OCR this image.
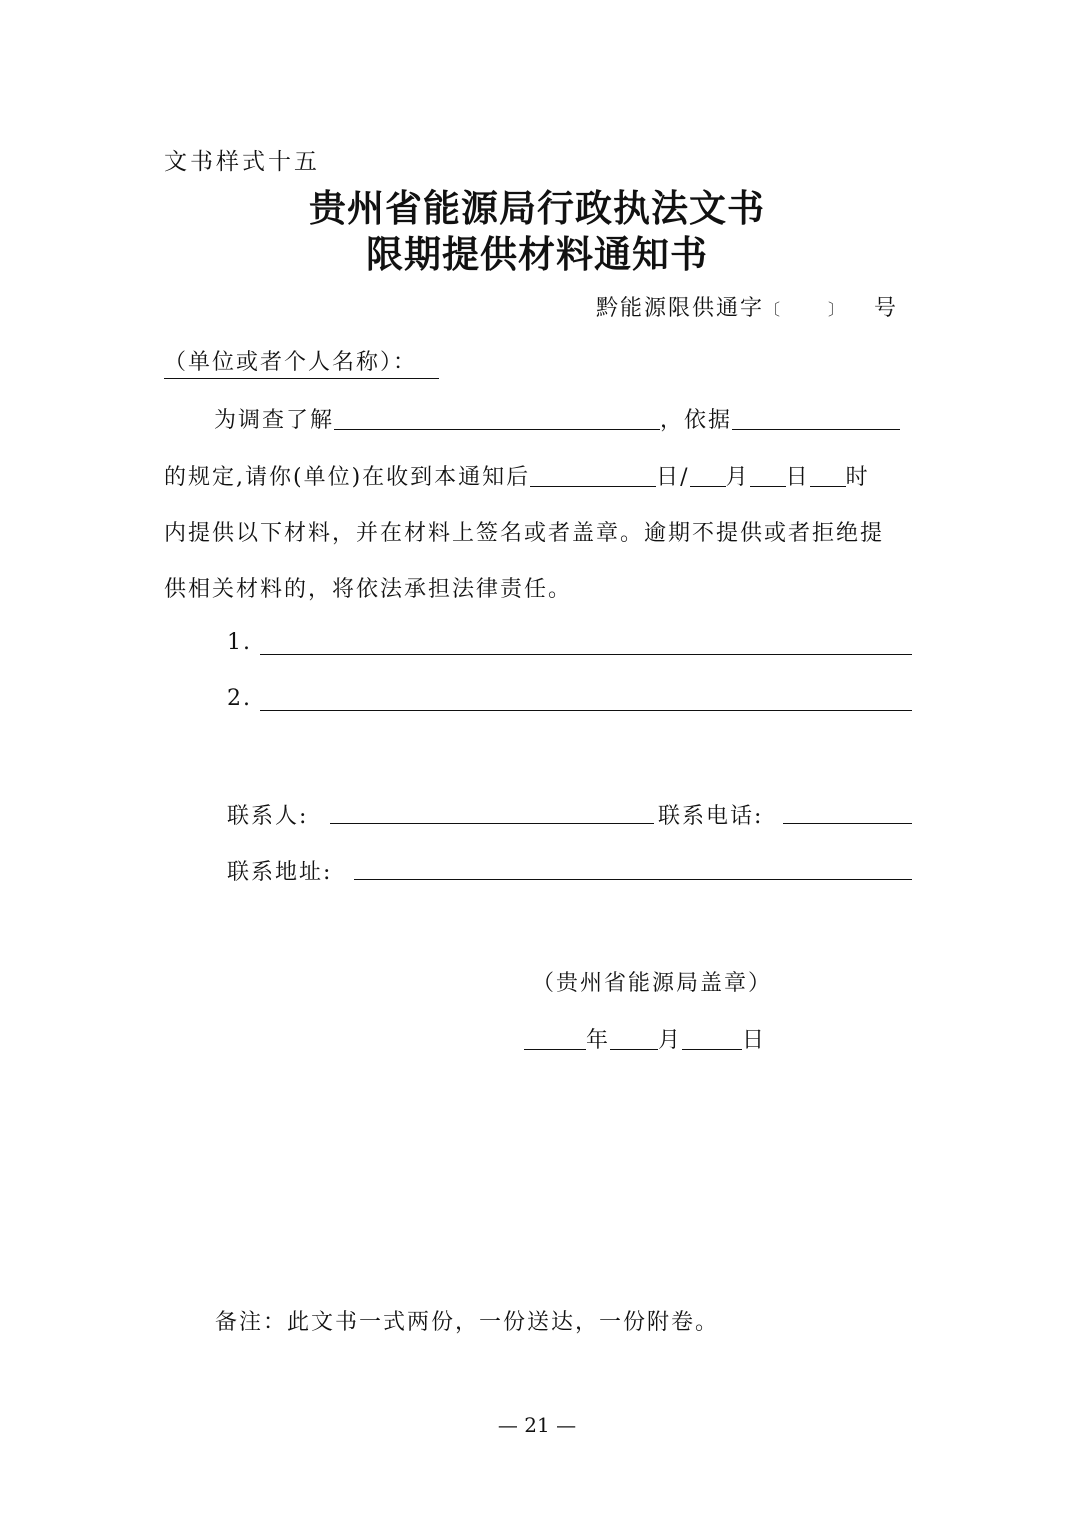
文书样式十五
贵州省能源局行政执法文书
限期提供材料通知书
黔能源限供通字〔	〕 号
（单位或者个人名称）：
为调查了解	，依据
的规定,请你(单位)在收到本通知后	日/ 月 日 时
内提供以下材料，并在材料上签名或者盖章。逾期不提供或者拒绝提
供相关材料的，将依法承担法律责任。
1.
2.
联系人:	联系电话:
联系地址:
（贵州省能源局盖章）
年 月	日
备注：此文书一式两份，一份送达，一份附卷。
— 21 —
